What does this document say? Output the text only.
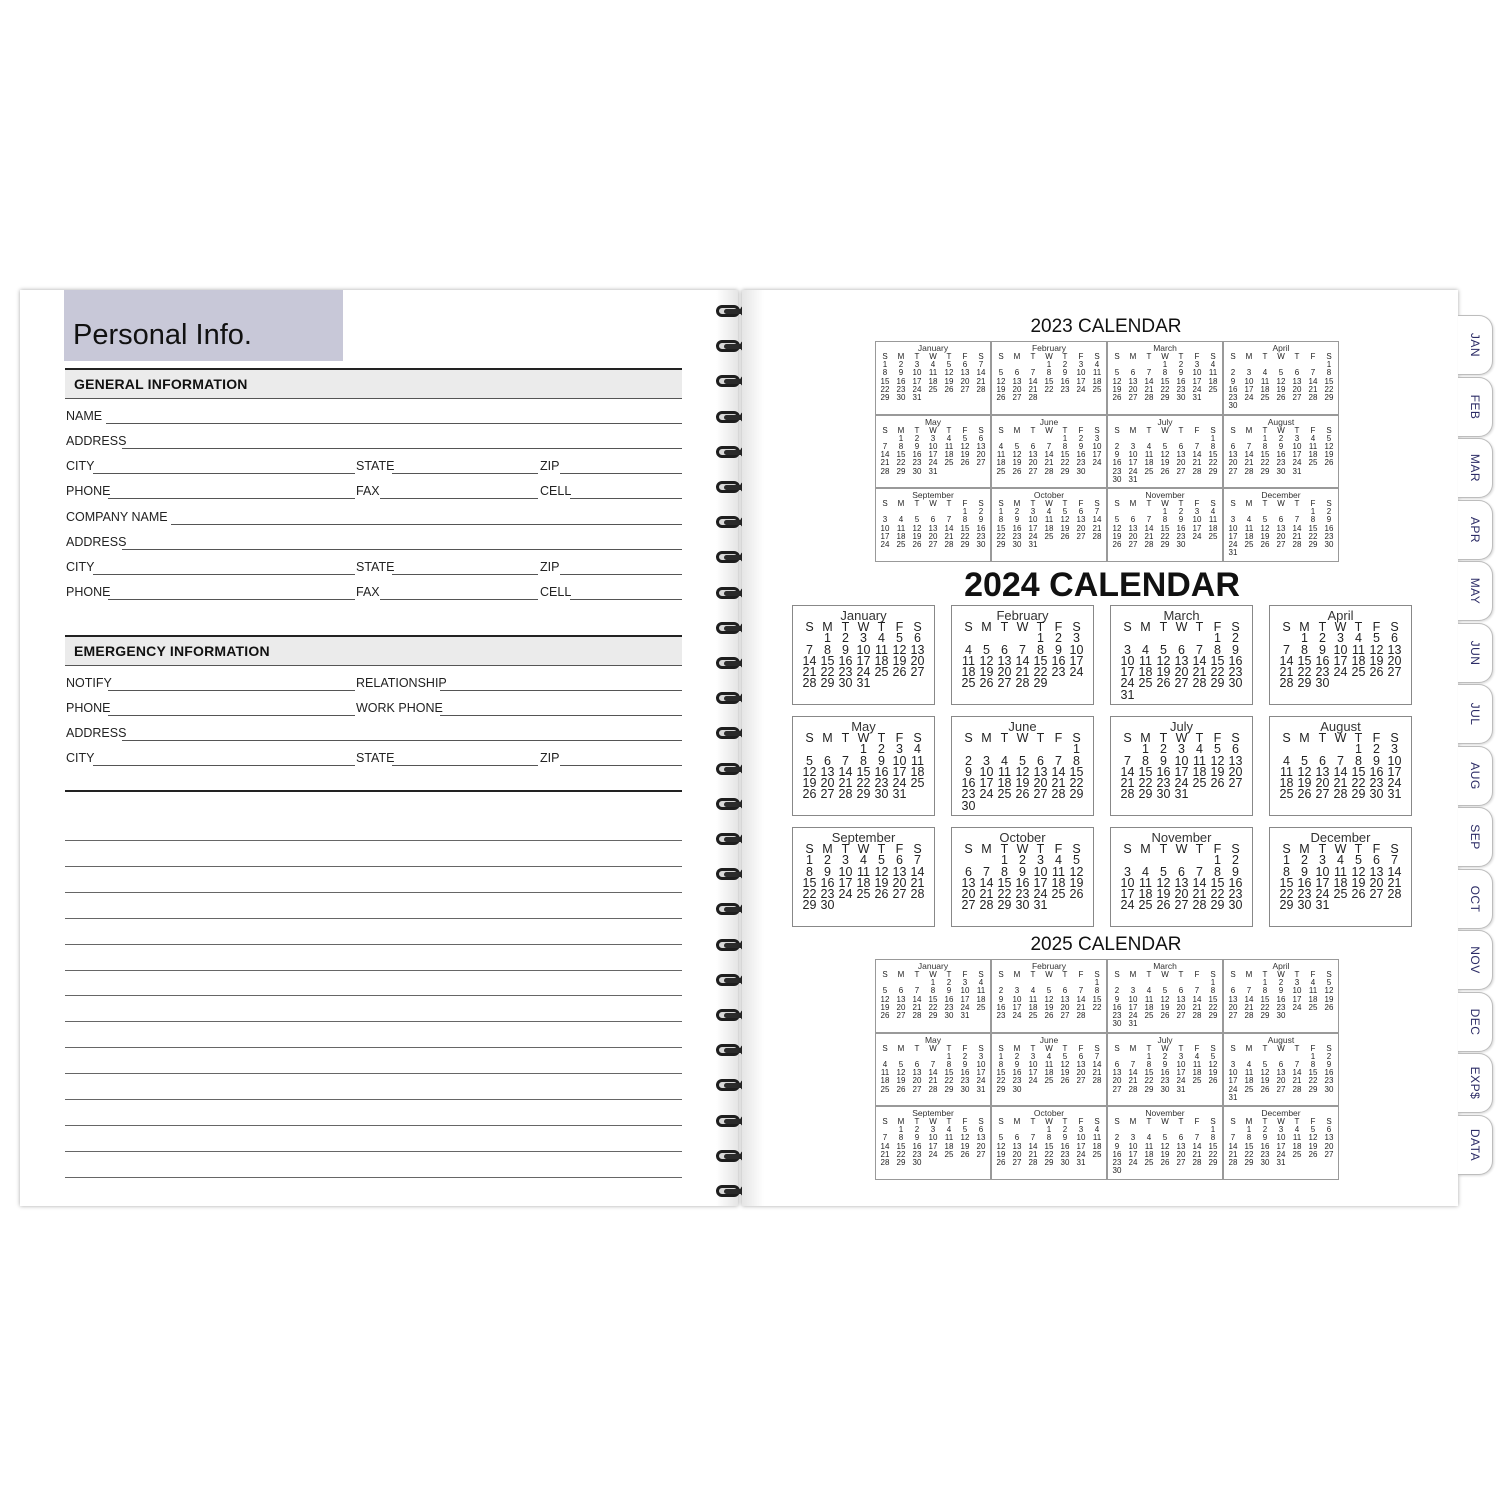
Personal Info.
GENERAL INFORMATION
NAME
ADDRESS
CITY	STATE	ZIP
PHONE	FAX	CELL
COMPANY NAME
ADDRESS
CITY	STATE	ZIP
PHONE	FAX	CELL
EMERGENCY INFORMATION
NOTIFY	RELATIONSHIP
PHONE	WORK PHONE
ADDRESS
CITY	STATE	ZIP
2023 CALENDAR
January
S	M	T	W	T	F	S
1	2	3	4	5	6	7
8	9	10	11	12	13	14
15	16	17	18	19	20	21
22	23	24	25	26	27	28
29	30	31				
February
S	M	T	W	T	F	S
			1	2	3	4
5	6	7	8	9	10	11
12	13	14	15	16	17	18
19	20	21	22	23	24	25
26	27	28				
March
S	M	T	W	T	F	S
			1	2	3	4
5	6	7	8	9	10	11
12	13	14	15	16	17	18
19	20	21	22	23	24	25
26	27	28	29	30	31	
April
S	M	T	W	T	F	S
						1
2	3	4	5	6	7	8
9	10	11	12	13	14	15
16	17	18	19	20	21	22
23	24	25	26	27	28	29
30						
May
S	M	T	W	T	F	S
	1	2	3	4	5	6
7	8	9	10	11	12	13
14	15	16	17	18	19	20
21	22	23	24	25	26	27
28	29	30	31			
June
S	M	T	W	T	F	S
				1	2	3
4	5	6	7	8	9	10
11	12	13	14	15	16	17
18	19	20	21	22	23	24
25	26	27	28	29	30	
July
S	M	T	W	T	F	S
						1
2	3	4	5	6	7	8
9	10	11	12	13	14	15
16	17	18	19	20	21	22
23	24	25	26	27	28	29
30	31					
August
S	M	T	W	T	F	S
		1	2	3	4	5
6	7	8	9	10	11	12
13	14	15	16	17	18	19
20	21	22	23	24	25	26
27	28	29	30	31		
September
S	M	T	W	T	F	S
					1	2
3	4	5	6	7	8	9
10	11	12	13	14	15	16
17	18	19	20	21	22	23
24	25	26	27	28	29	30
October
S	M	T	W	T	F	S
1	2	3	4	5	6	7
8	9	10	11	12	13	14
15	16	17	18	19	20	21
22	23	24	25	26	27	28
29	30	31				
November
S	M	T	W	T	F	S
			1	2	3	4
5	6	7	8	9	10	11
12	13	14	15	16	17	18
19	20	21	22	23	24	25
26	27	28	29	30		
December
S	M	T	W	T	F	S
					1	2
3	4	5	6	7	8	9
10	11	12	13	14	15	16
17	18	19	20	21	22	23
24	25	26	27	28	29	30
31						
2024 CALENDAR
January
S	M	T	W	T	F	S
	1	2	3	4	5	6
7	8	9	10	11	12	13
14	15	16	17	18	19	20
21	22	23	24	25	26	27
28	29	30	31			
February
S	M	T	W	T	F	S
				1	2	3
4	5	6	7	8	9	10
11	12	13	14	15	16	17
18	19	20	21	22	23	24
25	26	27	28	29		
March
S	M	T	W	T	F	S
					1	2
3	4	5	6	7	8	9
10	11	12	13	14	15	16
17	18	19	20	21	22	23
24	25	26	27	28	29	30
31						
April
S	M	T	W	T	F	S
	1	2	3	4	5	6
7	8	9	10	11	12	13
14	15	16	17	18	19	20
21	22	23	24	25	26	27
28	29	30				
May
S	M	T	W	T	F	S
			1	2	3	4
5	6	7	8	9	10	11
12	13	14	15	16	17	18
19	20	21	22	23	24	25
26	27	28	29	30	31	
June
S	M	T	W	T	F	S
						1
2	3	4	5	6	7	8
9	10	11	12	13	14	15
16	17	18	19	20	21	22
23	24	25	26	27	28	29
30						
July
S	M	T	W	T	F	S
	1	2	3	4	5	6
7	8	9	10	11	12	13
14	15	16	17	18	19	20
21	22	23	24	25	26	27
28	29	30	31			
August
S	M	T	W	T	F	S
				1	2	3
4	5	6	7	8	9	10
11	12	13	14	15	16	17
18	19	20	21	22	23	24
25	26	27	28	29	30	31
September
S	M	T	W	T	F	S
1	2	3	4	5	6	7
8	9	10	11	12	13	14
15	16	17	18	19	20	21
22	23	24	25	26	27	28
29	30					
October
S	M	T	W	T	F	S
		1	2	3	4	5
6	7	8	9	10	11	12
13	14	15	16	17	18	19
20	21	22	23	24	25	26
27	28	29	30	31		
November
S	M	T	W	T	F	S
					1	2
3	4	5	6	7	8	9
10	11	12	13	14	15	16
17	18	19	20	21	22	23
24	25	26	27	28	29	30
December
S	M	T	W	T	F	S
1	2	3	4	5	6	7
8	9	10	11	12	13	14
15	16	17	18	19	20	21
22	23	24	25	26	27	28
29	30	31				
2025 CALENDAR
January
S	M	T	W	T	F	S
			1	2	3	4
5	6	7	8	9	10	11
12	13	14	15	16	17	18
19	20	21	22	23	24	25
26	27	28	29	30	31	
February
S	M	T	W	T	F	S
						1
2	3	4	5	6	7	8
9	10	11	12	13	14	15
16	17	18	19	20	21	22
23	24	25	26	27	28	
March
S	M	T	W	T	F	S
						1
2	3	4	5	6	7	8
9	10	11	12	13	14	15
16	17	18	19	20	21	22
23	24	25	26	27	28	29
30	31					
April
S	M	T	W	T	F	S
		1	2	3	4	5
6	7	8	9	10	11	12
13	14	15	16	17	18	19
20	21	22	23	24	25	26
27	28	29	30			
May
S	M	T	W	T	F	S
				1	2	3
4	5	6	7	8	9	10
11	12	13	14	15	16	17
18	19	20	21	22	23	24
25	26	27	28	29	30	31
June
S	M	T	W	T	F	S
1	2	3	4	5	6	7
8	9	10	11	12	13	14
15	16	17	18	19	20	21
22	23	24	25	26	27	28
29	30					
July
S	M	T	W	T	F	S
		1	2	3	4	5
6	7	8	9	10	11	12
13	14	15	16	17	18	19
20	21	22	23	24	25	26
27	28	29	30	31		
August
S	M	T	W	T	F	S
					1	2
3	4	5	6	7	8	9
10	11	12	13	14	15	16
17	18	19	20	21	22	23
24	25	26	27	28	29	30
31						
September
S	M	T	W	T	F	S
	1	2	3	4	5	6
7	8	9	10	11	12	13
14	15	16	17	18	19	20
21	22	23	24	25	26	27
28	29	30				
October
S	M	T	W	T	F	S
			1	2	3	4
5	6	7	8	9	10	11
12	13	14	15	16	17	18
19	20	21	22	23	24	25
26	27	28	29	30	31	
November
S	M	T	W	T	F	S
						1
2	3	4	5	6	7	8
9	10	11	12	13	14	15
16	17	18	19	20	21	22
23	24	25	26	27	28	29
30						
December
S	M	T	W	T	F	S
	1	2	3	4	5	6
7	8	9	10	11	12	13
14	15	16	17	18	19	20
21	22	23	24	25	26	27
28	29	30	31			
JAN
FEB
MAR
APR
MAY
JUN
JUL
AUG
SEP
OCT
NOV
DEC
EXP$
DATA
